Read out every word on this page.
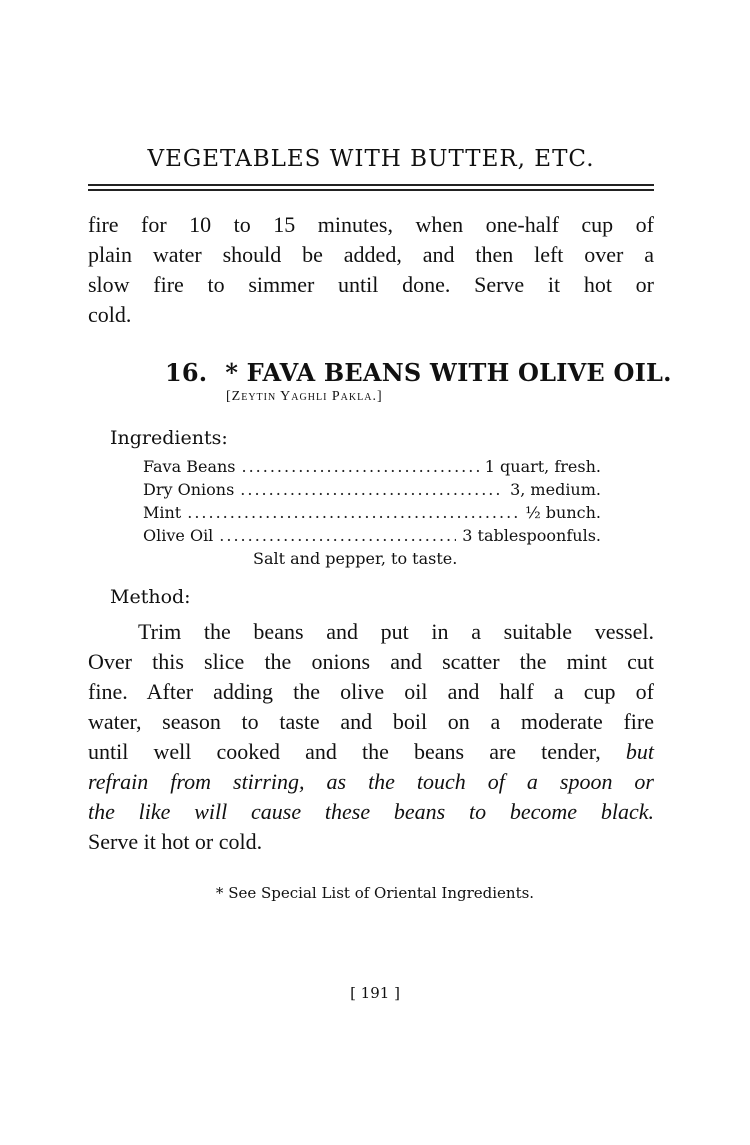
VEGETABLES WITH BUTTER, ETC.
fire for 10 to 15 minutes, when one-half cup of
plain water should be added, and then left over a
slow fire to simmer until done. Serve it hot or
cold.
16. * FAVA BEANS WITH OLIVE OIL.
[Zeytin Yaghli Pakla.]
Ingredients:
Fava Beans .....	1 quart, fresh.
Dry Onions .....	3, medium.
Mint .....	½ bunch.
Olive Oil .....	3 tablespoonfuls.
Salt and pepper, to taste.
Method:
Trim the beans and put in a suitable vessel.
Over this slice the onions and scatter the mint cut
fine. After adding the olive oil and half a cup of
water, season to taste and boil on a moderate fire
until well cooked and the beans are tender, but
refrain from stirring, as the touch of a spoon or
the like will cause these beans to become black.
Serve it hot or cold.
* See Special List of Oriental Ingredients.
[ 191 ]
